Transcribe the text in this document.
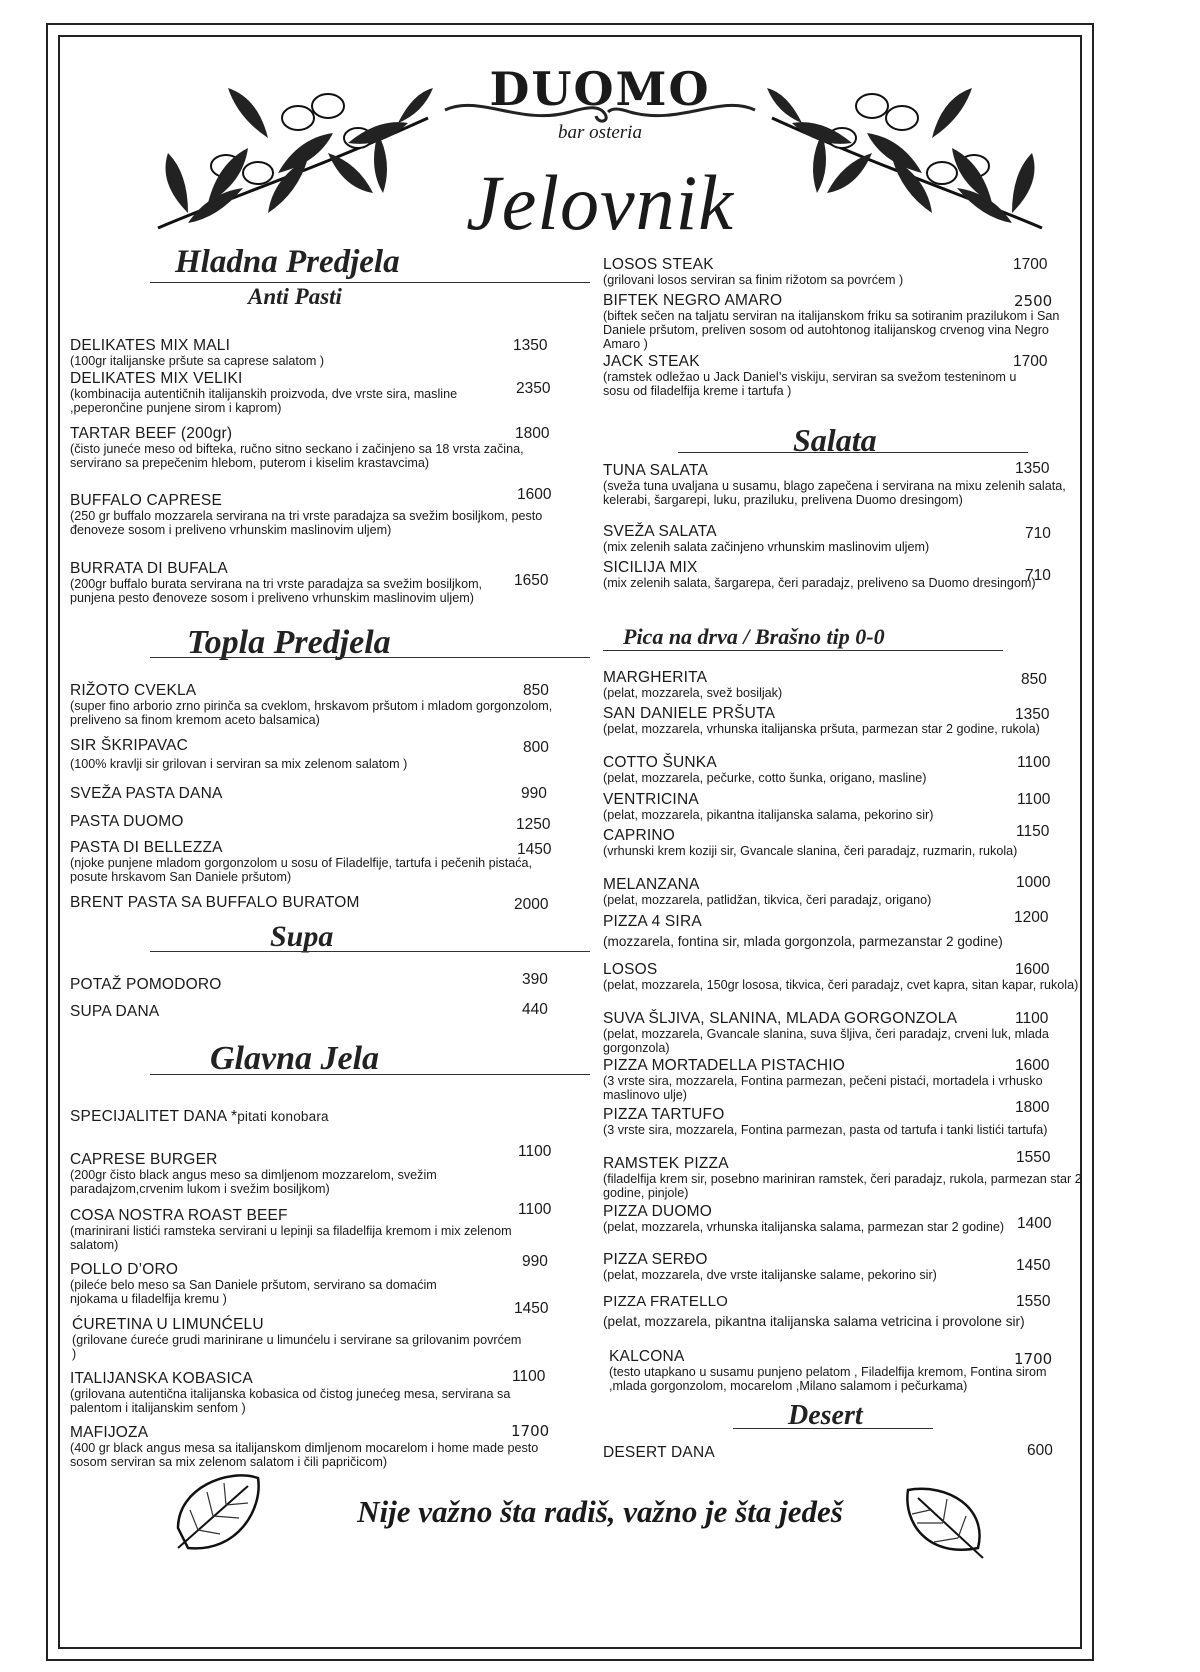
DUOMO
bar osteria
Jelovnik
Hladna Predjela
Anti Pasti
DELIKATES MIX MALI
(100gr italijanske pršute sa caprese salatom )
1350
DELIKATES MIX VELIKI
(kombinacija autentičnih italijanskih proizvoda, dve vrste sira, masline ,peperončine punjene sirom i kaprom)
2350
TARTAR BEEF (200gr)
(čisto juneće meso od bifteka, ručno sitno seckano i začinjeno sa 18 vrsta začina, servirano sa prepečenim hlebom, puterom i kiselim krastavcima)
1800
BUFFALO CAPRESE
(250 gr buffalo mozzarela servirana na tri vrste paradajza sa svežim bosiljkom, pesto đenoveze sosom i preliveno vrhunskim maslinovim uljem)
1600
BURRATA DI BUFALA
(200gr buffalo burata servirana na tri vrste paradajza sa svežim bosiljkom, punjena pesto đenoveze sosom i preliveno vrhunskim maslinovim uljem)
1650
Topla Predjela
RIŽOTO CVEKLA
(super fino arborio zrno pirinča sa cveklom, hrskavom pršutom i mladom gorgonzolom, preliveno sa finom kremom aceto balsamica)
850
SIR ŠKRIPAVAC
(100% kravlji sir grilovan i serviran sa mix zelenom salatom )
800
SVEŽA PASTA DANA	990
PASTA DUOMO	1250
PASTA DI BELLEZZA
(njoke punjene mladom gorgonzolom u sosu of Filadelfije, tartufa i pečenih pistaća, posute hrskavom San Daniele pršutom)
1450
BRENT PASTA SA BUFFALO BURATOM	2000
Supa
POTAŽ POMODORO	390
SUPA DANA	440
Glavna Jela
SPECIJALITET DANA *pitati konobara
CAPRESE BURGER
(200gr čisto black angus meso sa dimljenom mozzarelom, svežim paradajzom,crvenim lukom i svežim bosiljkom)
1100
COSA NOSTRA ROAST BEEF
(marinirani listići ramsteka servirani u lepinji sa filadelfija kremom i mix zelenom salatom)
1100
POLLO D’ORO
(pileće belo meso sa San Daniele pršutom, servirano sa domaćim njokama u filadelfija kremu )
990
ĆURETINA U LIMUNĆELU
(grilovane ćureće grudi marinirane u limunćelu i servirane sa grilovanim povrćem )
1450
ITALIJANSKA KOBASICA
(grilovana autentična italijanska kobasica od čistog junećeg mesa, servirana sa palentom i italijanskim senfom )
1100
MAFIJOZA
(400 gr black angus mesa sa italijanskom dimljenom mocarelom i home made pesto sosom serviran sa mix zelenom salatom i čili papričicom)
1700
LOSOS STEAK
(grilovani losos serviran sa finim rižotom sa povrćem )
1700
BIFTEK NEGRO AMARO
(biftek sečen na taljatu serviran na italijanskom friku sa sotiranim prazilukom i San Daniele pršutom, preliven sosom od autohtonog italijanskog crvenog vina Negro Amaro )
2500
JACK STEAK
(ramstek odležao u Jack Daniel’s viskiju, serviran sa svežom testeninom u sosu od filadelfija kreme i tartufa )
1700
Salata
TUNA SALATA
(sveža tuna uvaljana u susamu, blago zapečena i servirana na mixu zelenih salata, kelerabi, šargarepi, luku, praziluku, prelivena Duomo dresingom)
1350
SVEŽA SALATA
(mix zelenih salata začinjeno vrhunskim maslinovim uljem)
710
SICILIJA MIX
(mix zelenih salata, šargarepa, čeri paradajz, preliveno sa Duomo dresingom)
710
Pica na drva / Brašno tip 0-0
MARGHERITA
(pelat, mozzarela, svež bosiljak)
850
SAN DANIELE PRŠUTA
(pelat, mozzarela, vrhunska italijanska pršuta, parmezan star 2 godine, rukola)
1350
COTTO ŠUNKA
(pelat, mozzarela, pečurke, cotto šunka, origano, masline)
1100
VENTRICINA
(pelat, mozzarela, pikantna italijanska salama, pekorino sir)
1100
CAPRINO
(vrhunski krem koziji sir, Gvancale slanina, čeri paradajz, ruzmarin, rukola)
1150
MELANZANA
(pelat, mozzarela, patlidžan, tikvica, čeri paradajz, origano)
1000
PIZZA 4 SIRA
(mozzarela, fontina sir, mlada gorgonzola, parmezanstar 2 godine)
1200
LOSOS
(pelat, mozzarela, 150gr lososa, tikvica, čeri paradajz, cvet kapra, sitan kapar, rukola)
1600
SUVA ŠLJIVA, SLANINA, MLADA GORGONZOLA
(pelat, mozzarela, Gvancale slanina, suva šljiva, čeri paradajz, crveni luk, mlada gorgonzola)
1100
PIZZA MORTADELLA PISTACHIO
(3 vrste sira, mozzarela, Fontina parmezan, pečeni pistaći, mortadela i vrhusko maslinovo ulje)
1600
PIZZA TARTUFO
(3 vrste sira, mozzarela, Fontina parmezan, pasta od tartufa i tanki listići tartufa)
1800
RAMSTEK PIZZA
(filadelfija krem sir, posebno mariniran ramstek, čeri paradajz, rukola, parmezan star 2 godine, pinjole)
1550
PIZZA DUOMO
(pelat, mozzarela, vrhunska italijanska salama, parmezan star 2 godine) 1400
PIZZA SERĐO
(pelat, mozzarela, dve vrste italijanske salame, pekorino sir)
1450
PIZZA FRATELLO
(pelat, mozzarela, pikantna italijanska salama vetricina i provolone sir)
1550
KALCONA
(testo utapkano u susamu punjeno pelatom , Filadelfija kremom, Fontina sirom ,mlada gorgonzolom, mocarelom ,Milano salamom i pečurkama)
1700
Desert
DESERT DANA	600
Nije važno šta radiš, važno je šta jedeš
